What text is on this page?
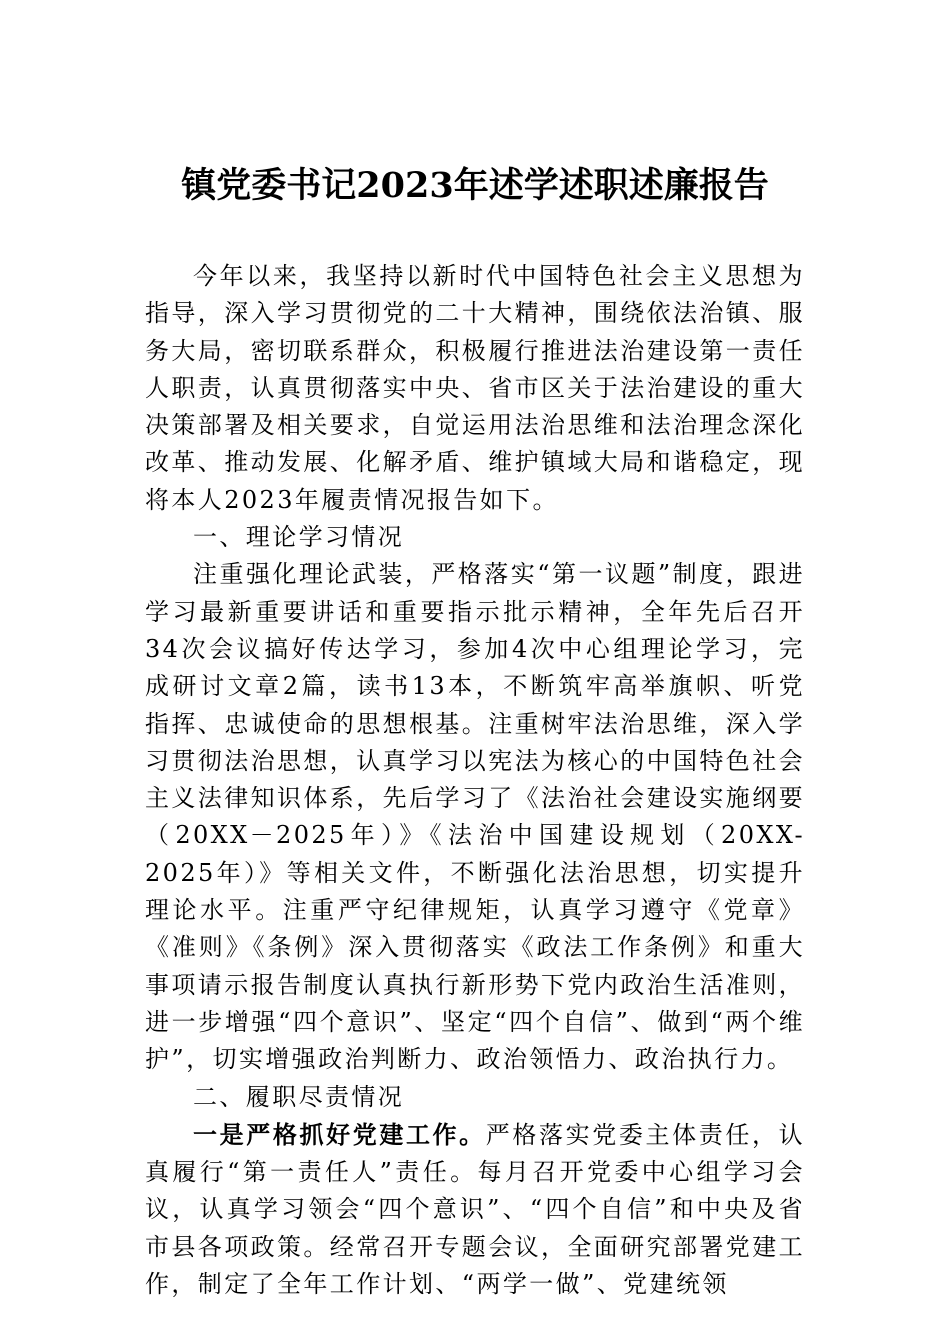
镇党委书记2023年述学述职述廉报告

今年以来，我坚持以新时代中国特色社会主义思想为指导，深入学习贯彻党的二十大精神，围绕依法治镇、服务大局，密切联系群众，积极履行推进法治建设第一责任人职责，认真贯彻落实中央、省市区关于法治建设的重大决策部署及相关要求，自觉运用法治思维和法治理念深化改革、推动发展、化解矛盾、维护镇域大局和谐稳定，现将本人2023年履责情况报告如下。

一、理论学习情况

注重强化理论武装，严格落实“第一议题”制度，跟进学习最新重要讲话和重要指示批示精神，全年先后召开34次会议搞好传达学习，参加4次中心组理论学习，完成研讨文章2篇，读书13本，不断筑牢高举旗帜、听党指挥、忠诚使命的思想根基。注重树牢法治思维，深入学习贯彻法治思想，认真学习以宪法为核心的中国特色社会主义法律知识体系，先后学习了《法治社会建设实施纲要（20XX－2025年）》《法治中国建设规划（20XX-2025年）》等相关文件，不断强化法治思想，切实提升理论水平。注重严守纪律规矩，认真学习遵守《党章》《准则》《条例》深入贯彻落实《政法工作条例》和重大事项请示报告制度认真执行新形势下党内政治生活准则，进一步增强“四个意识”、坚定“四个自信”、做到“两个维护”，切实增强政治判断力、政治领悟力、政治执行力。

二、履职尽责情况

一是严格抓好党建工作。严格落实党委主体责任，认真履行“第一责任人”责任。每月召开党委中心组学习会议，认真学习领会“四个意识”、“四个自信”和中央及省市县各项政策。经常召开专题会议，全面研究部署党建工作，制定了全年工作计划、“两学一做”、党建统领
